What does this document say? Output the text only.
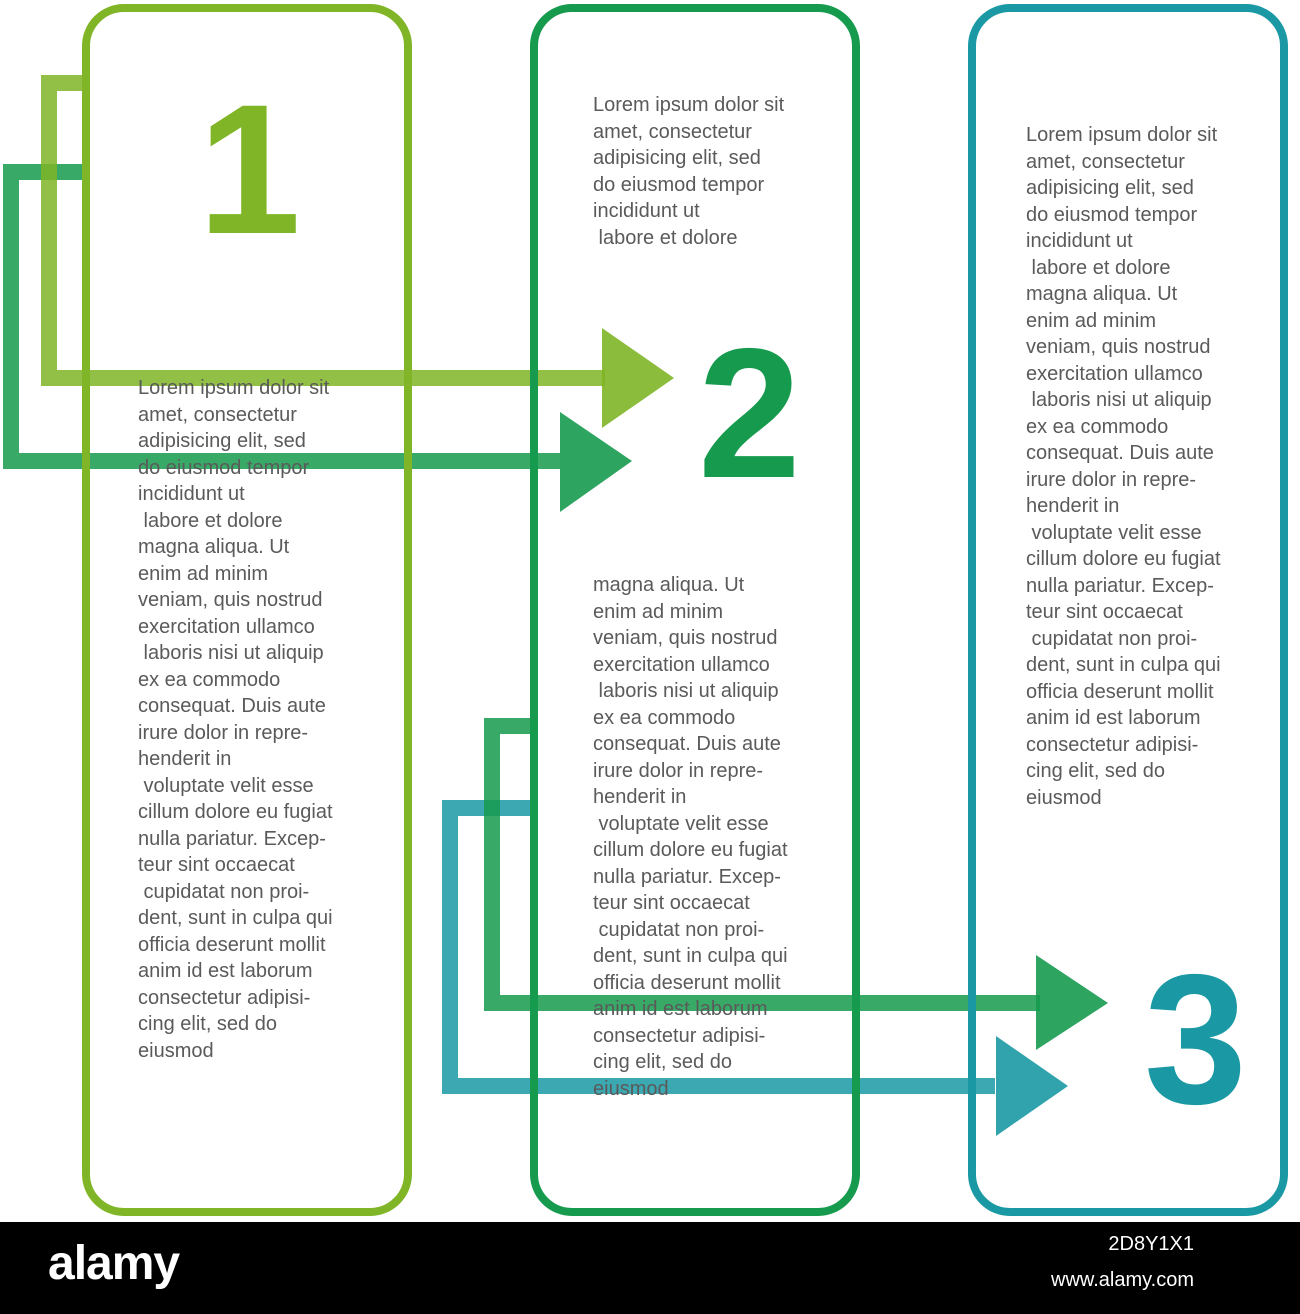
1
2
3

Lorem ipsum dolor sit
amet, consectetur
adipisicing elit, sed
do eiusmod tempor
incididunt ut
labore et dolore
magna aliqua. Ut
enim ad minim
veniam, quis nostrud
exercitation ullamco
laboris nisi ut aliquip
ex ea commodo
consequat. Duis aute
irure dolor in repre-
henderit in
voluptate velit esse
cillum dolore eu fugiat
nulla pariatur. Excep-
teur sint occaecat
cupidatat non proi-
dent, sunt in culpa qui
officia deserunt mollit
anim id est laborum
consectetur adipisi-
cing elit, sed do
eiusmod

Lorem ipsum dolor sit
amet, consectetur
adipisicing elit, sed
do eiusmod tempor
incididunt ut
labore et dolore

magna aliqua. Ut
enim ad minim
veniam, quis nostrud
exercitation ullamco
laboris nisi ut aliquip
ex ea commodo
consequat. Duis aute
irure dolor in repre-
henderit in
voluptate velit esse
cillum dolore eu fugiat
nulla pariatur. Excep-
teur sint occaecat
cupidatat non proi-
dent, sunt in culpa qui
officia deserunt mollit
anim id est laborum
consectetur adipisi-
cing elit, sed do
eiusmod

Lorem ipsum dolor sit
amet, consectetur
adipisicing elit, sed
do eiusmod tempor
incididunt ut
labore et dolore
magna aliqua. Ut
enim ad minim
veniam, quis nostrud
exercitation ullamco
laboris nisi ut aliquip
ex ea commodo
consequat. Duis aute
irure dolor in repre-
henderit in
voluptate velit esse
cillum dolore eu fugiat
nulla pariatur. Excep-
teur sint occaecat
cupidatat non proi-
dent, sunt in culpa qui
officia deserunt mollit
anim id est laborum
consectetur adipisi-
cing elit, sed do
eiusmod

alamy	2D8Y1X1
www.alamy.com
